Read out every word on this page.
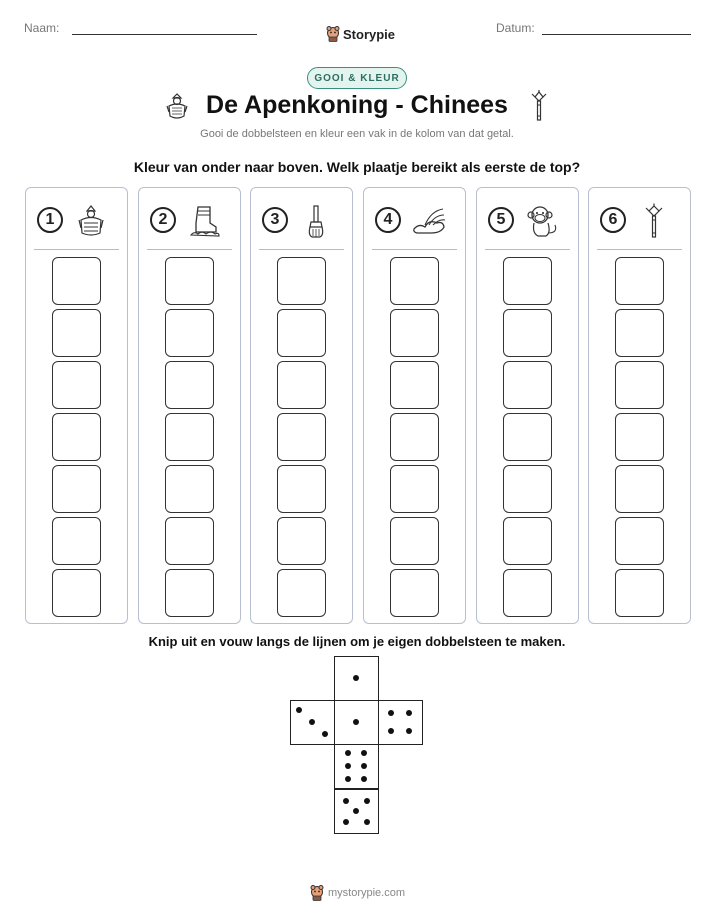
Naam:	Storypie	Datum:
GOOI & KLEUR
De Apenkoning - Chinees
Gooi de dobbelsteen en kleur een vak in de kolom van dat getal.
Kleur van onder naar boven. Welk plaatje bereikt als eerste de top?
1	2	3	4	5	6
Knip uit en vouw langs de lijnen om je eigen dobbelsteen te maken.
mystorypie.com
